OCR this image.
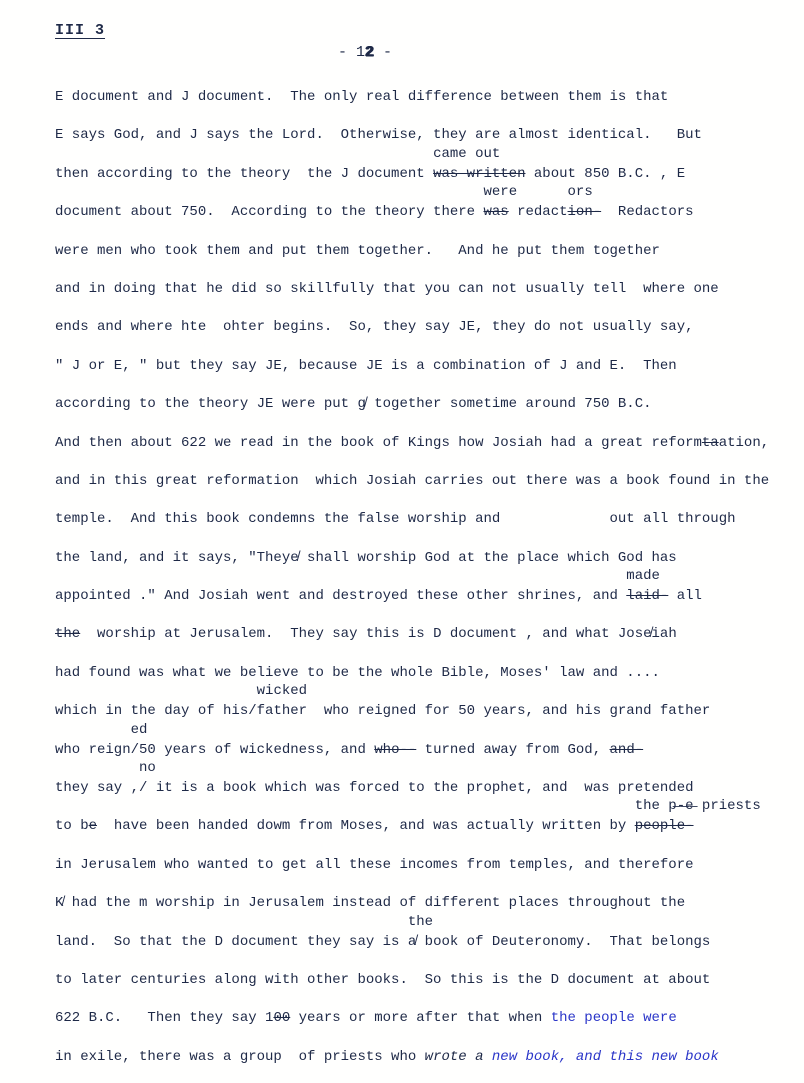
III 3
- 12 -
E document and J document.  The only real difference between them is that
E says God, and J says the Lord.  Otherwise, they are almost identical.   But
then according to the theory  the J document came outwas written about 850 B.C. , E
document about 750.  According to the theory there werewas redactorsion-  Redactors
were men who took them and put them together.   And he put them together
and in doing that he did so skillfully that you can not usually tell  where one
ends and where hte  ohter begins.  So, they say JE, they do not usually say,
" J or E, " but they say JE, because JE is a combination of J and E.  Then
according to the theory JE were put g̸ together sometime around 750 B.C.
And then about 622 we read in the book of Kings how Josiah had a great reformtaation,
and in this great reformation  which Josiah carries out there was a book found in the
temple.  And this book condemns the false worship and             out all through
the land, and it says, "Theye̸ shall worship God at the place which God has
appointed ." And Josiah went and destroyed these other shrines, and madelaid- all
the  worship at Jerusalem.  They say this is D document , and what Jose̸iah
had found was what we believe to be the whole Bible, Moses' law and ....
which in the day of his/wickedfather  who reigned for 50 years, and his grand father
who reigned/50 years of wickedness, and who-- turned away from God, and-
they say ,no/ it is a book which was forced to the prophet, and  was pretended
to be  have been handed dowm from Moses, and was actually written by the p̶-̶e̶ priestspeople-
in Jerusalem who wanted to get all these incomes from temples, and therefore
K̸ had the m worship in Jerusalem instead of different places throughout the
land.  So that the D document they say is thea̸ book of Deuteronomy.  That belongs
to later centuries along with other books.  So this is the D document at about
622 B.C.   Then they say 100 years or more after that when the people were
in exile, there was a group  of priests who wrote a new book, and this new book
